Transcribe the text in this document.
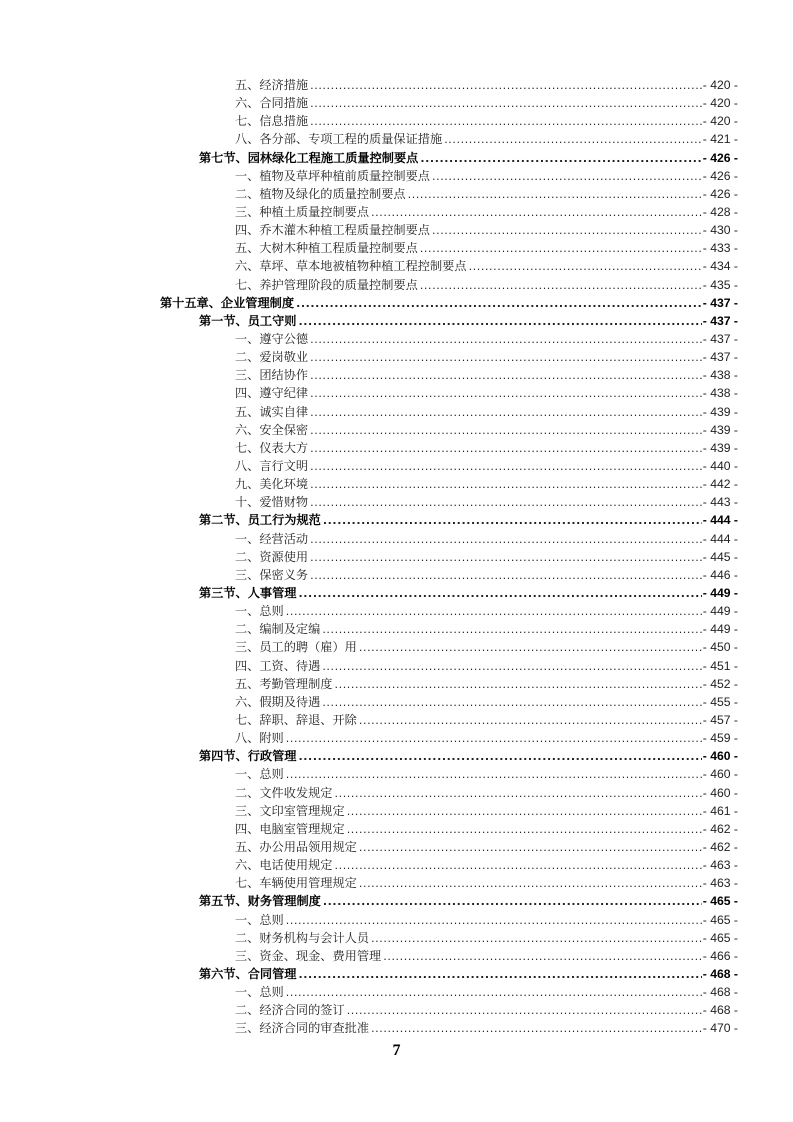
五、经济措施 .....	- 420 -
六、合同措施 .....	- 420 -
七、信息措施 .....	- 420 -
八、各分部、专项工程的质量保证措施 .....	- 421 -
第七节、园林绿化工程施工质量控制要点 .....	- 426 -
一、植物及草坪种植前质量控制要点 .....	- 426 -
二、植物及绿化的质量控制要点 .....	- 426 -
三、种植土质量控制要点 .....	- 428 -
四、乔木灌木种植工程质量控制要点 .....	- 430 -
五、大树木种植工程质量控制要点 .....	- 433 -
六、草坪、草本地被植物种植工程控制要点 .....	- 434 -
七、养护管理阶段的质量控制要点 .....	- 435 -
第十五章、企业管理制度 .....	- 437 -
第一节、员工守则 .....	- 437 -
一、遵守公德 .....	- 437 -
二、爱岗敬业 .....	- 437 -
三、团结协作 .....	- 438 -
四、遵守纪律 .....	- 438 -
五、诚实自律 .....	- 439 -
六、安全保密 .....	- 439 -
七、仪表大方 .....	- 439 -
八、言行文明 .....	- 440 -
九、美化环境 .....	- 442 -
十、爱惜财物 .....	- 443 -
第二节、员工行为规范 .....	- 444 -
一、经营活动 .....	- 444 -
二、资源使用 .....	- 445 -
三、保密义务 .....	- 446 -
第三节、人事管理 .....	- 449 -
一、总则 .....	- 449 -
二、编制及定编 .....	- 449 -
三、员工的聘（雇）用 .....	- 450 -
四、工资、待遇 .....	- 451 -
五、考勤管理制度 .....	- 452 -
六、假期及待遇 .....	- 455 -
七、辞职、辞退、开除 .....	- 457 -
八、附则 .....	- 459 -
第四节、行政管理 .....	- 460 -
一、总则 .....	- 460 -
二、文件收发规定 .....	- 460 -
三、文印室管理规定 .....	- 461 -
四、电脑室管理规定 .....	- 462 -
五、办公用品领用规定 .....	- 462 -
六、电话使用规定 .....	- 463 -
七、车辆使用管理规定 .....	- 463 -
第五节、财务管理制度 .....	- 465 -
一、总则 .....	- 465 -
二、财务机构与会计人员 .....	- 465 -
三、资金、现金、费用管理 .....	- 466 -
第六节、合同管理 .....	- 468 -
一、总则 .....	- 468 -
二、经济合同的签订 .....	- 468 -
三、经济合同的审查批准 .....	- 470 -
7
